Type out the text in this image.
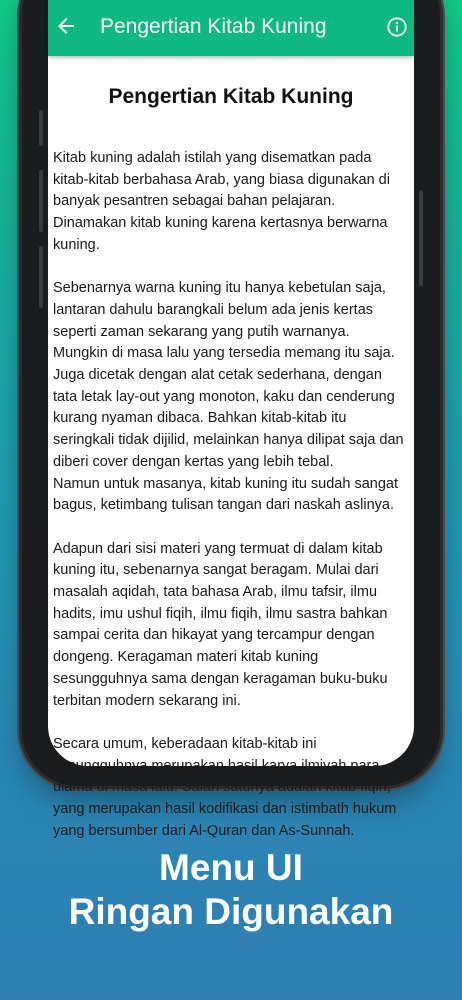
Pengertian Kitab Kuning
Pengertian Kitab Kuning

Kitab kuning adalah istilah yang disematkan pada kitab-kitab berbahasa Arab, yang biasa digunakan di banyak pesantren sebagai bahan pelajaran. Dinamakan kitab kuning karena kertasnya berwarna kuning.

Sebenarnya warna kuning itu hanya kebetulan saja, lantaran dahulu barangkali belum ada jenis kertas seperti zaman sekarang yang putih warnanya. Mungkin di masa lalu yang tersedia memang itu saja. Juga dicetak dengan alat cetak sederhana, dengan tata letak lay-out yang monoton, kaku dan cenderung kurang nyaman dibaca. Bahkan kitab-kitab itu seringkali tidak dijilid, melainkan hanya dilipat saja dan diberi cover dengan kertas yang lebih tebal.
Namun untuk masanya, kitab kuning itu sudah sangat bagus, ketimbang tulisan tangan dari naskah aslinya.

Adapun dari sisi materi yang termuat di dalam kitab kuning itu, sebenarnya sangat beragam. Mulai dari masalah aqidah, tata bahasa Arab, ilmu tafsir, ilmu hadits, imu ushul fiqih, ilmu fiqih, ilmu sastra bahkan sampai cerita dan hikayat yang tercampur dengan dongeng. Keragaman materi kitab kuning sesungguhnya sama dengan keragaman buku-buku terbitan modern sekarang ini.

Secara umum, keberadaan kitab-kitab ini sesungguhnya merupakan hasil karya ilmiyah para ulama di masa lalu. Salah satunya adalah kitab fiqih, yang merupakan hasil kodifikasi dan istimbath hukum yang bersumber dari Al-Quran dan As-Sunnah.

Menu UI
Ringan Digunakan
